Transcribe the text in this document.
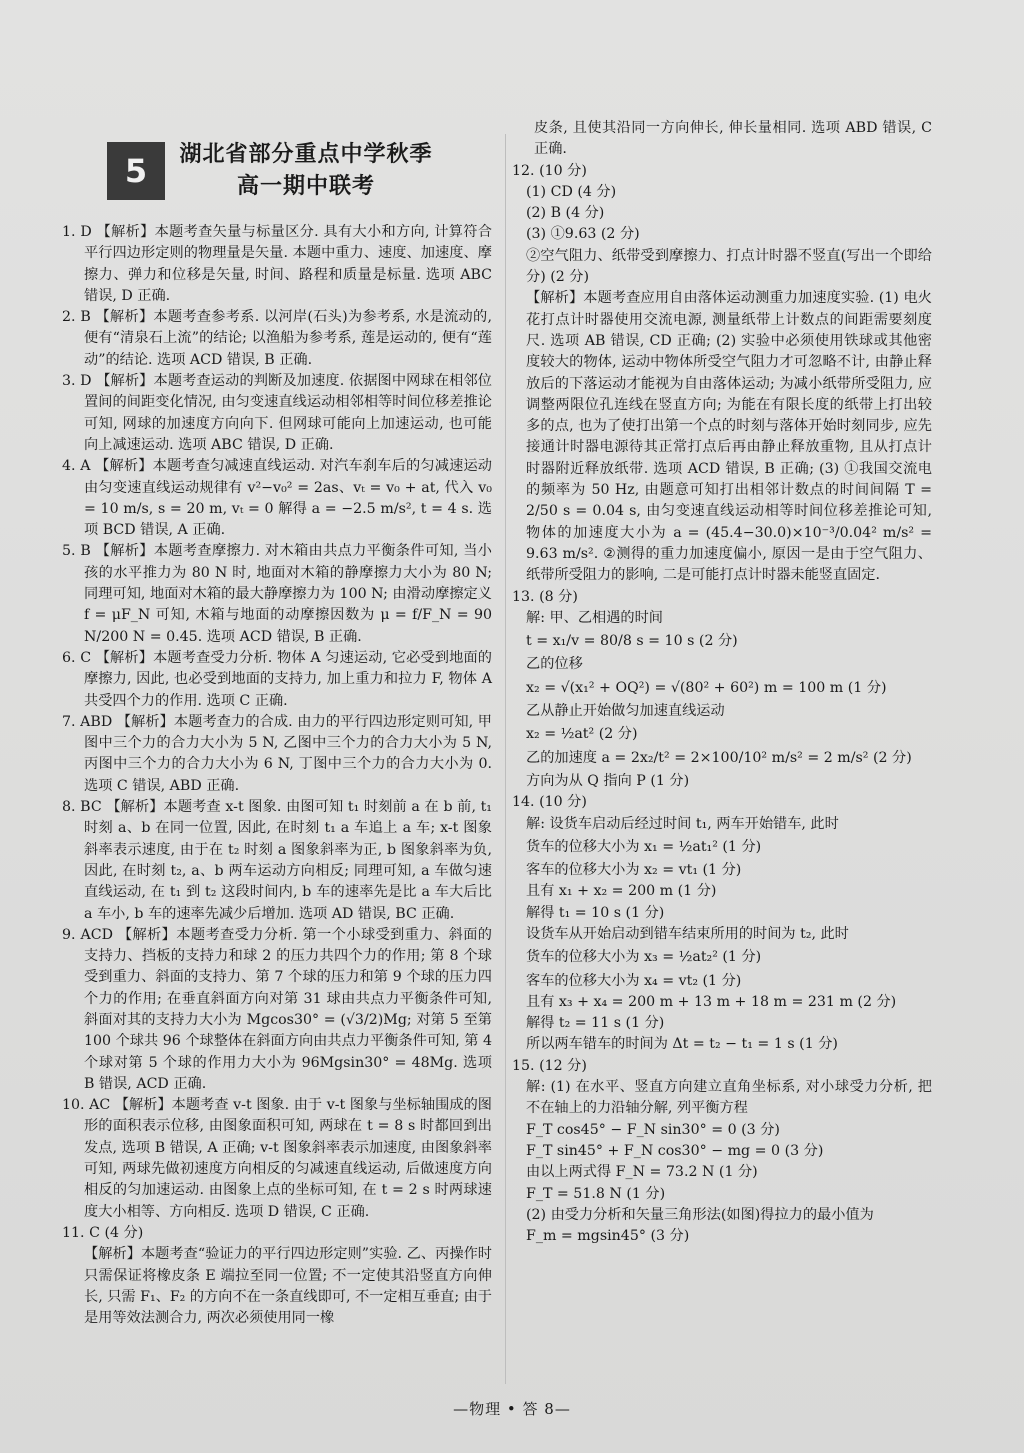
5	湖北省部分重点中学秋季
高一期中联考

1. D 【解析】本题考查矢量与标量区分. 具有大小和方向, 计算符合平行四边形定则的物理量是矢量. 本题中重力、速度、加速度、摩擦力、弹力和位移是矢量, 时间、路程和质量是标量. 选项 ABC 错误, D 正确.

2. B 【解析】本题考查参考系. 以河岸(石头)为参考系, 水是流动的, 便有“清泉石上流”的结论; 以渔船为参考系, 莲是运动的, 便有“莲动”的结论. 选项 ACD 错误, B 正确.

3. D 【解析】本题考查运动的判断及加速度. 依据图中网球在相邻位置间的间距变化情况, 由匀变速直线运动相邻相等时间位移差推论可知, 网球的加速度方向向下. 但网球可能向上加速运动, 也可能向上减速运动. 选项 ABC 错误, D 正确.

4. A 【解析】本题考查匀减速直线运动. 对汽车刹车后的匀减速运动由匀变速直线运动规律有 v²−v₀² = 2as、vₜ = v₀ + at, 代入 v₀ = 10 m/s, s = 20 m, vₜ = 0 解得 a = −2.5 m/s², t = 4 s. 选项 BCD 错误, A 正确.

5. B 【解析】本题考查摩擦力. 对木箱由共点力平衡条件可知, 当小孩的水平推力为 80 N 时, 地面对木箱的静摩擦力大小为 80 N; 同理可知, 地面对木箱的最大静摩擦力为 100 N; 由滑动摩擦定义 f = μF_N 可知, 木箱与地面的动摩擦因数为 μ = f/F_N = 90 N/200 N = 0.45. 选项 ACD 错误, B 正确.

6. C 【解析】本题考查受力分析. 物体 A 匀速运动, 它必受到地面的摩擦力, 因此, 也必受到地面的支持力, 加上重力和拉力 F, 物体 A 共受四个力的作用. 选项 C 正确.

7. ABD 【解析】本题考查力的合成. 由力的平行四边形定则可知, 甲图中三个力的合力大小为 5 N, 乙图中三个力的合力大小为 5 N, 丙图中三个力的合力大小为 6 N, 丁图中三个力的合力大小为 0. 选项 C 错误, ABD 正确.

8. BC 【解析】本题考查 x-t 图象. 由图可知 t₁ 时刻前 a 在 b 前, t₁ 时刻 a、b 在同一位置, 因此, 在时刻 t₁ a 车追上 a 车; x-t 图象斜率表示速度, 由于在 t₂ 时刻 a 图象斜率为正, b 图象斜率为负, 因此, 在时刻 t₂, a、b 两车运动方向相反; 同理可知, a 车做匀速直线运动, 在 t₁ 到 t₂ 这段时间内, b 车的速率先是比 a 车大后比 a 车小, b 车的速率先减少后增加. 选项 AD 错误, BC 正确.

9. ACD 【解析】本题考查受力分析. 第一个小球受到重力、斜面的支持力、挡板的支持力和球 2 的压力共四个力的作用; 第 8 个球受到重力、斜面的支持力、第 7 个球的压力和第 9 个球的压力四个力的作用; 在垂直斜面方向对第 31 球由共点力平衡条件可知, 斜面对其的支持力大小为 Mgcos30° = (√3/2)Mg; 对第 5 至第 100 个球共 96 个球整体在斜面方向由共点力平衡条件可知, 第 4 个球对第 5 个球的作用力大小为 96Mgsin30° = 48Mg. 选项 B 错误, ACD 正确.

10. AC 【解析】本题考查 v-t 图象. 由于 v-t 图象与坐标轴围成的图形的面积表示位移, 由图象面积可知, 两球在 t = 8 s 时都回到出发点, 选项 B 错误, A 正确; v-t 图象斜率表示加速度, 由图象斜率可知, 两球先做初速度方向相反的匀减速直线运动, 后做速度方向相反的匀加速运动. 由图象上点的坐标可知, 在 t = 2 s 时两球速度大小相等、方向相反. 选项 D 错误, C 正确.

11. C (4 分)

【解析】本题考查“验证力的平行四边形定则”实验. 乙、丙操作时只需保证将橡皮条 E 端拉至同一位置; 不一定使其沿竖直方向伸长, 只需 F₁、F₂ 的方向不在一条直线即可, 不一定相互垂直; 由于是用等效法测合力, 两次必须使用同一橡

皮条, 且使其沿同一方向伸长, 伸长量相同. 选项 ABD 错误, C 正确.

12. (10 分)

(1) CD (4 分)

(2) B (4 分)

(3) ①9.63 (2 分)

②空气阻力、纸带受到摩擦力、打点计时器不竖直(写出一个即给分) (2 分)

【解析】本题考查应用自由落体运动测重力加速度实验. (1) 电火花打点计时器使用交流电源, 测量纸带上计数点的间距需要刻度尺. 选项 AB 错误, CD 正确; (2) 实验中必须使用铁球或其他密度较大的物体, 运动中物体所受空气阻力才可忽略不计, 由静止释放后的下落运动才能视为自由落体运动; 为减小纸带所受阻力, 应调整两限位孔连线在竖直方向; 为能在有限长度的纸带上打出较多的点, 也为了使打出第一个点的时刻与落体开始时刻同步, 应先接通计时器电源待其正常打点后再由静止释放重物, 且从打点计时器附近释放纸带. 选项 ACD 错误, B 正确; (3) ①我国交流电的频率为 50 Hz, 由题意可知打出相邻计数点的时间间隔 T = 2/50 s = 0.04 s, 由匀变速直线运动相等时间位移差推论可知, 物体的加速度大小为 a = (45.4−30.0)×10⁻³/0.04² m/s² = 9.63 m/s². ②测得的重力加速度偏小, 原因一是由于空气阻力、纸带所受阻力的影响, 二是可能打点计时器未能竖直固定.

13. (8 分)

解: 甲、乙相遇的时间

t = x₁/v = 80/8 s = 10 s (2 分)

乙的位移

x₂ = √(x₁² + OQ²) = √(80² + 60²) m = 100 m (1 分)

乙从静止开始做匀加速直线运动

x₂ = ½at² (2 分)

乙的加速度 a = 2x₂/t² = 2×100/10² m/s² = 2 m/s² (2 分)

方向为从 Q 指向 P (1 分)

14. (10 分)

解: 设货车启动后经过时间 t₁, 两车开始错车, 此时

货车的位移大小为 x₁ = ½at₁² (1 分)

客车的位移大小为 x₂ = vt₁ (1 分)

且有 x₁ + x₂ = 200 m (1 分)

解得 t₁ = 10 s (1 分)

设货车从开始启动到错车结束所用的时间为 t₂, 此时

货车的位移大小为 x₃ = ½at₂² (1 分)

客车的位移大小为 x₄ = vt₂ (1 分)

且有 x₃ + x₄ = 200 m + 13 m + 18 m = 231 m (2 分)

解得 t₂ = 11 s (1 分)

所以两车错车的时间为 Δt = t₂ − t₁ = 1 s (1 分)

15. (12 分)

解: (1) 在水平、竖直方向建立直角坐标系, 对小球受力分析, 把不在轴上的力沿轴分解, 列平衡方程

F_T cos45° − F_N sin30° = 0 (3 分)

F_T sin45° + F_N cos30° − mg = 0 (3 分)

由以上两式得 F_N = 73.2 N (1 分)

F_T = 51.8 N (1 分)

(2) 由受力分析和矢量三角形法(如图)得拉力的最小值为

F_m = mgsin45° (3 分)

—物理 • 答 8—
